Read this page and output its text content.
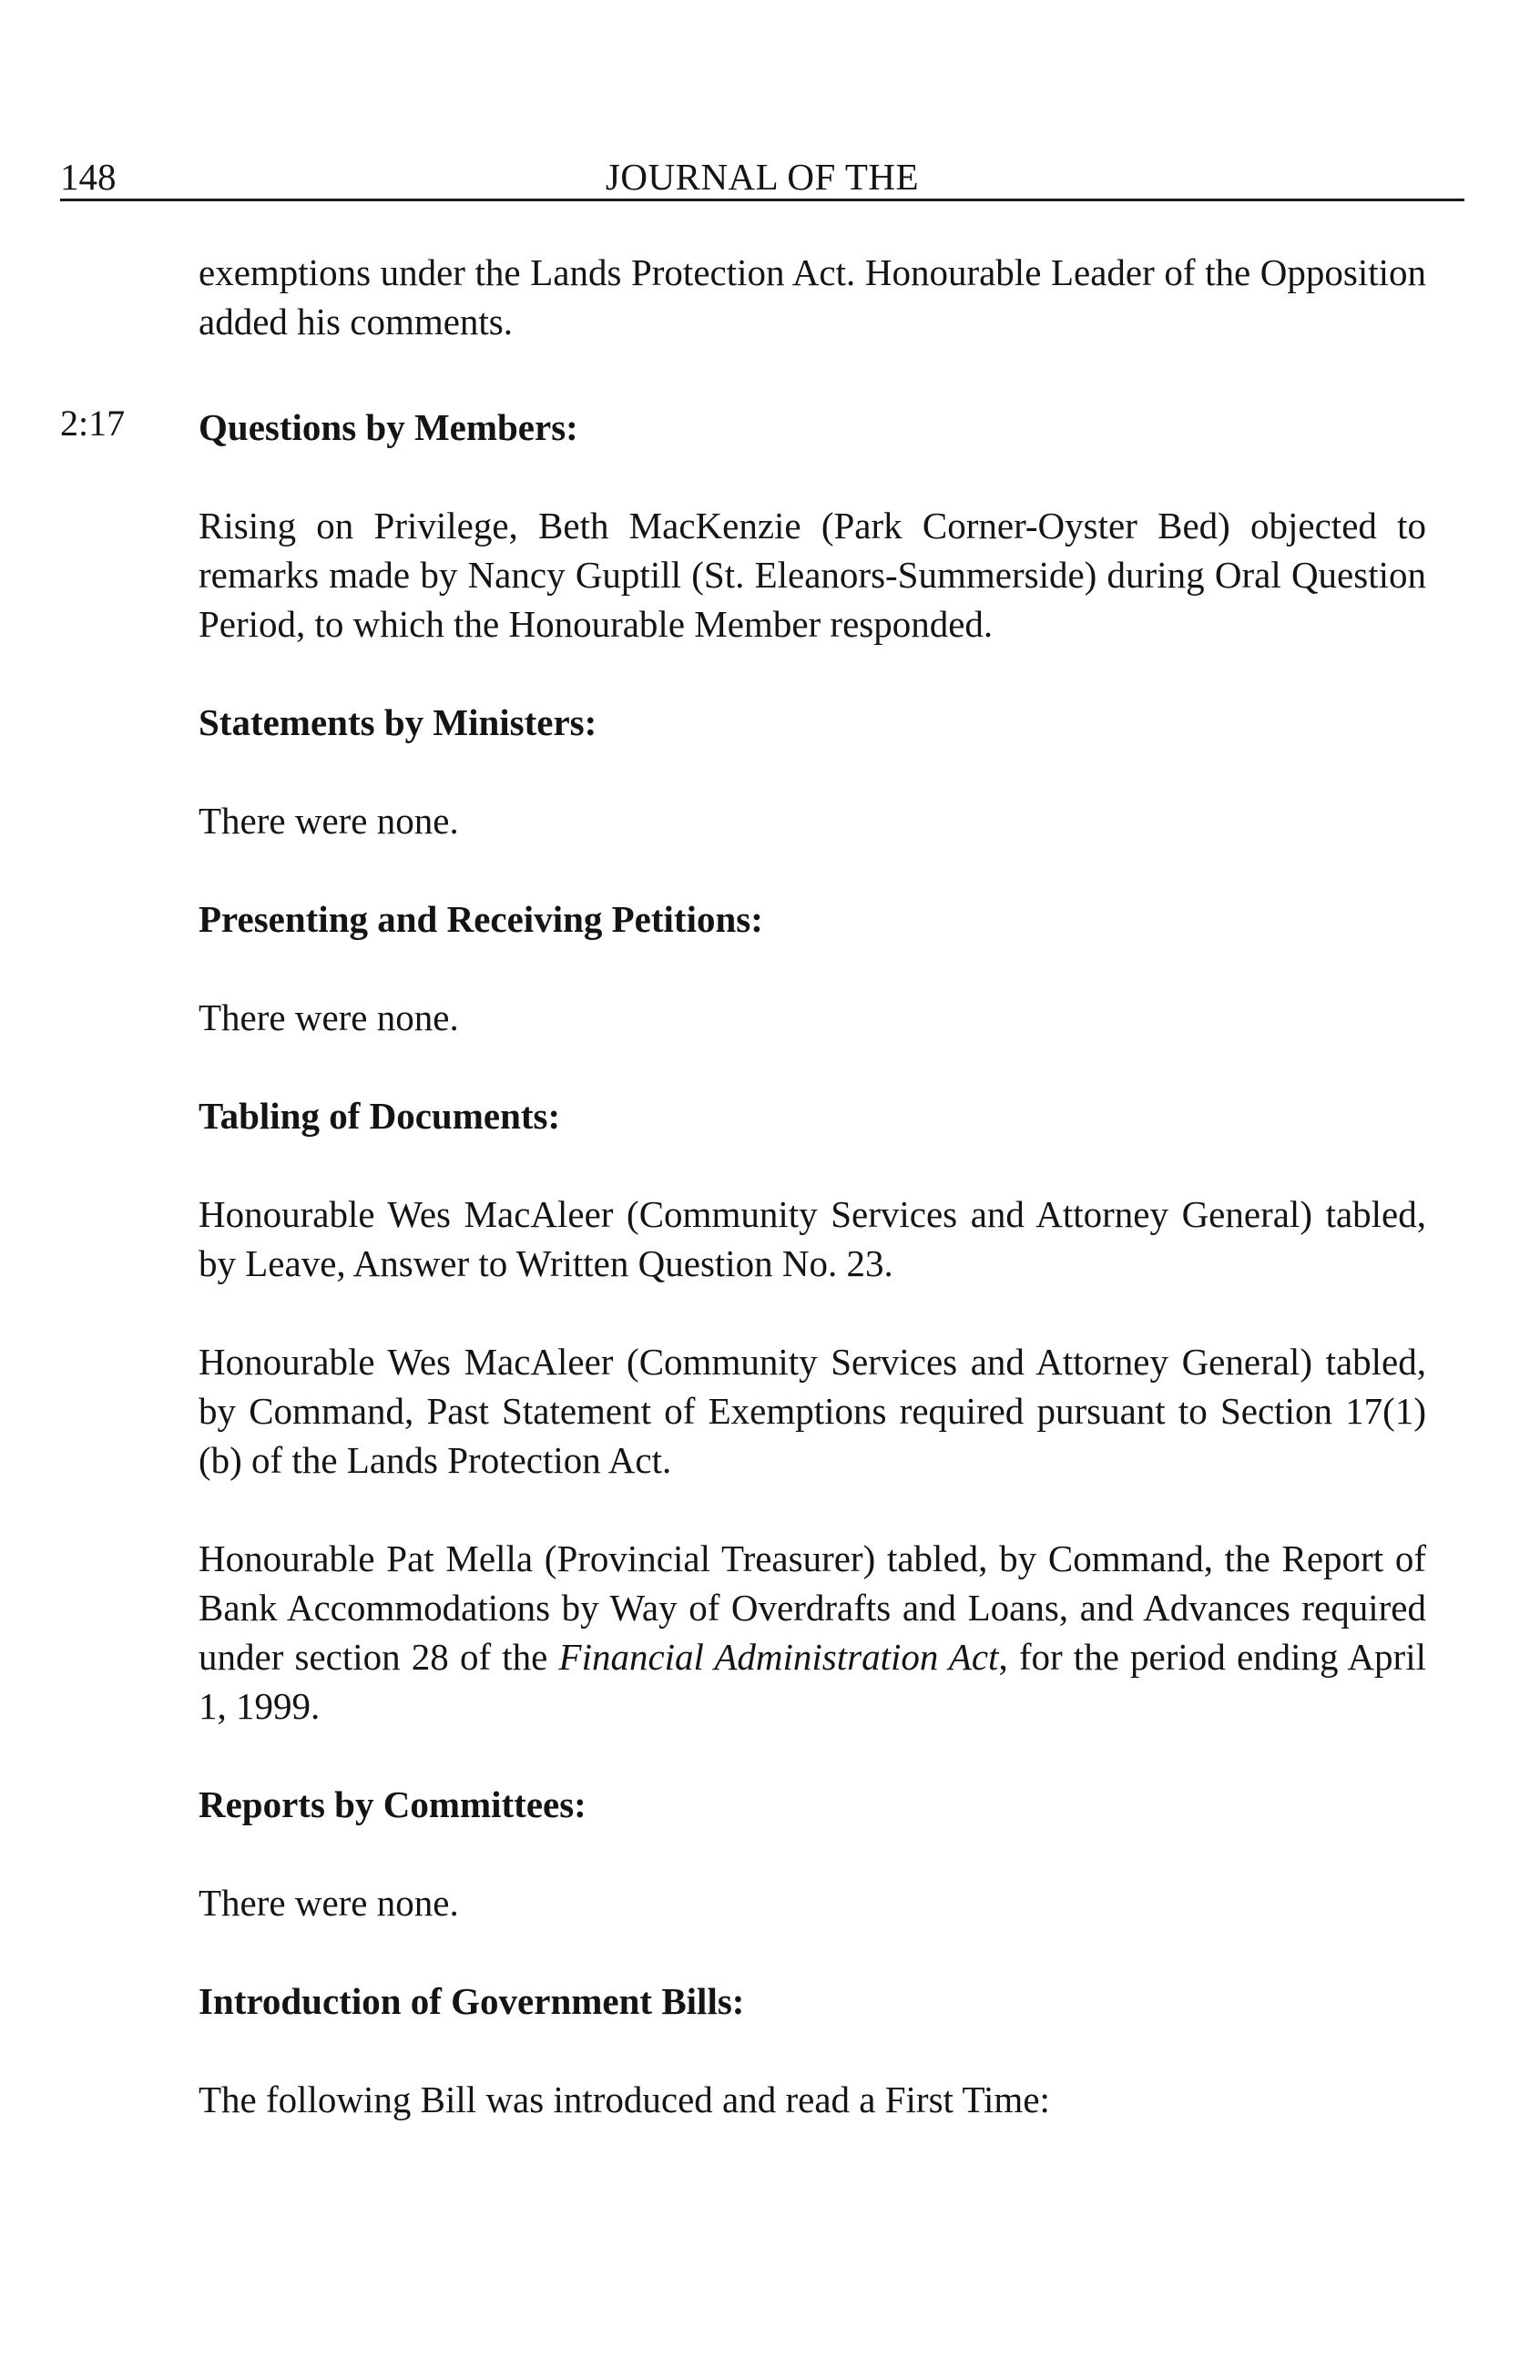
148	JOURNAL OF THE
2:17

exemptions under the Lands Protection Act. Honourable Leader of the Opposition added his comments.

Questions by Members:

Rising on Privilege, Beth MacKenzie (Park Corner-Oyster Bed) objected to remarks made by Nancy Guptill (St. Eleanors-Summerside) during Oral Question Period, to which the Honourable Member responded.

Statements by Ministers:

There were none.

Presenting and Receiving Petitions:

There were none.

Tabling of Documents:

Honourable Wes MacAleer (Community Services and Attorney General) tabled, by Leave, Answer to Written Question No. 23.

Honourable Wes MacAleer (Community Services and Attorney General) tabled, by Command, Past Statement of Exemptions required pursuant to Section 17(1)(b) of the Lands Protection Act.

Honourable Pat Mella (Provincial Treasurer) tabled, by Command, the Report of Bank Accommodations by Way of Overdrafts and Loans, and Advances required under section 28 of the Financial Administration Act, for the period ending April 1, 1999.

Reports by Committees:

There were none.

Introduction of Government Bills:

The following Bill was introduced and read a First Time:
